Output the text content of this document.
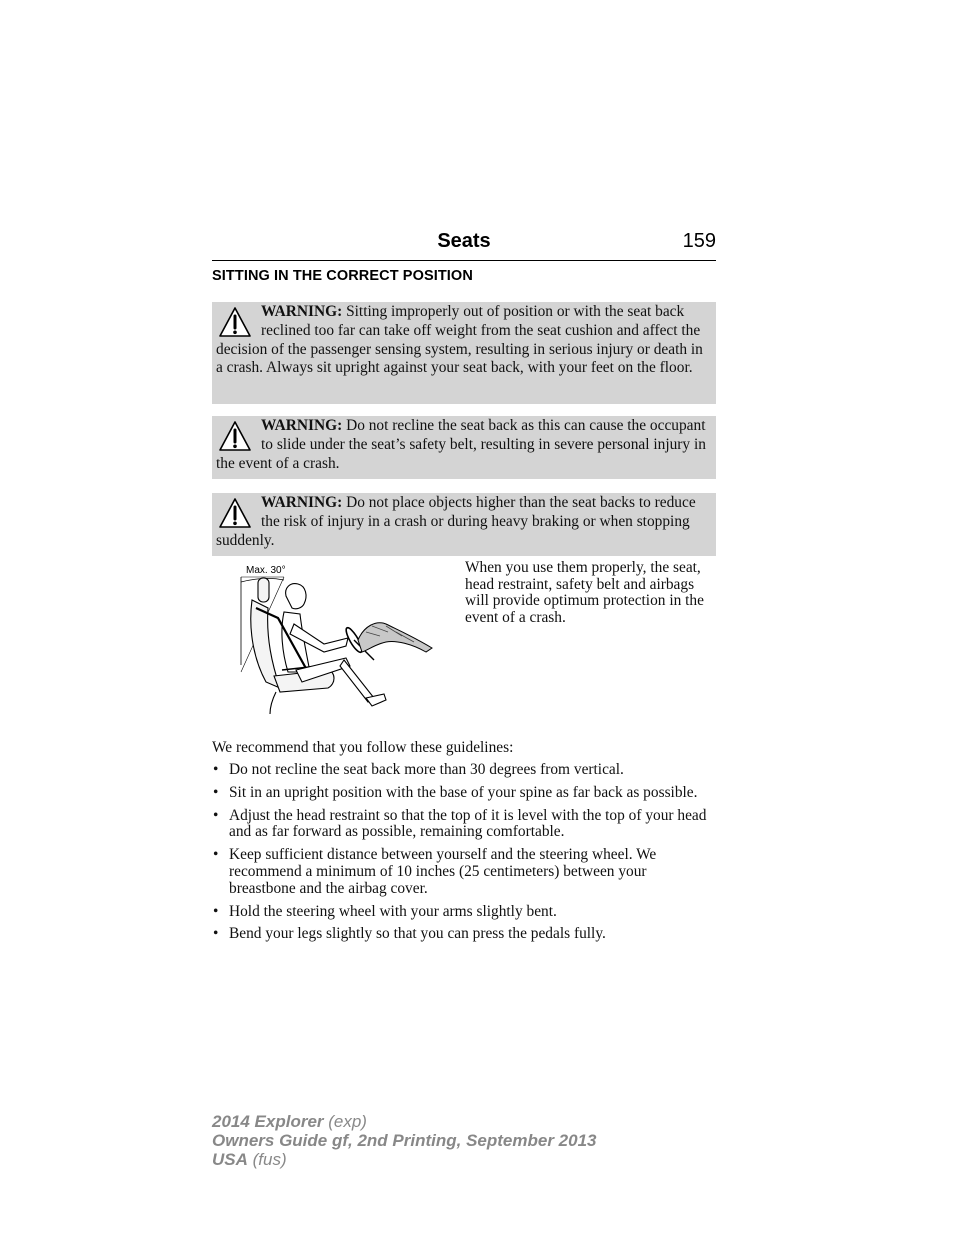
Seats	159
SITTING IN THE CORRECT POSITION
WARNING: Sitting improperly out of position or with the seat back reclined too far can take off weight from the seat cushion and affect the decision of the passenger sensing system, resulting in serious injury or death in a crash. Always sit upright against your seat back, with your feet on the floor.
WARNING: Do not recline the seat back as this can cause the occupant to slide under the seat’s safety belt, resulting in severe personal injury in the event of a crash.
WARNING: Do not place objects higher than the seat backs to reduce the risk of injury in a crash or during heavy braking or when stopping suddenly.
Max. 30°	When you use them properly, the seat, head restraint, safety belt and airbags will provide optimum protection in the event of a crash.
We recommend that you follow these guidelines:
• Do not recline the seat back more than 30 degrees from vertical.
• Sit in an upright position with the base of your spine as far back as possible.
• Adjust the head restraint so that the top of it is level with the top of your head and as far forward as possible, remaining comfortable.
• Keep sufficient distance between yourself and the steering wheel. We recommend a minimum of 10 inches (25 centimeters) between your breastbone and the airbag cover.
• Hold the steering wheel with your arms slightly bent.
• Bend your legs slightly so that you can press the pedals fully.
2014 Explorer (exp)
Owners Guide gf, 2nd Printing, September 2013
USA (fus)
